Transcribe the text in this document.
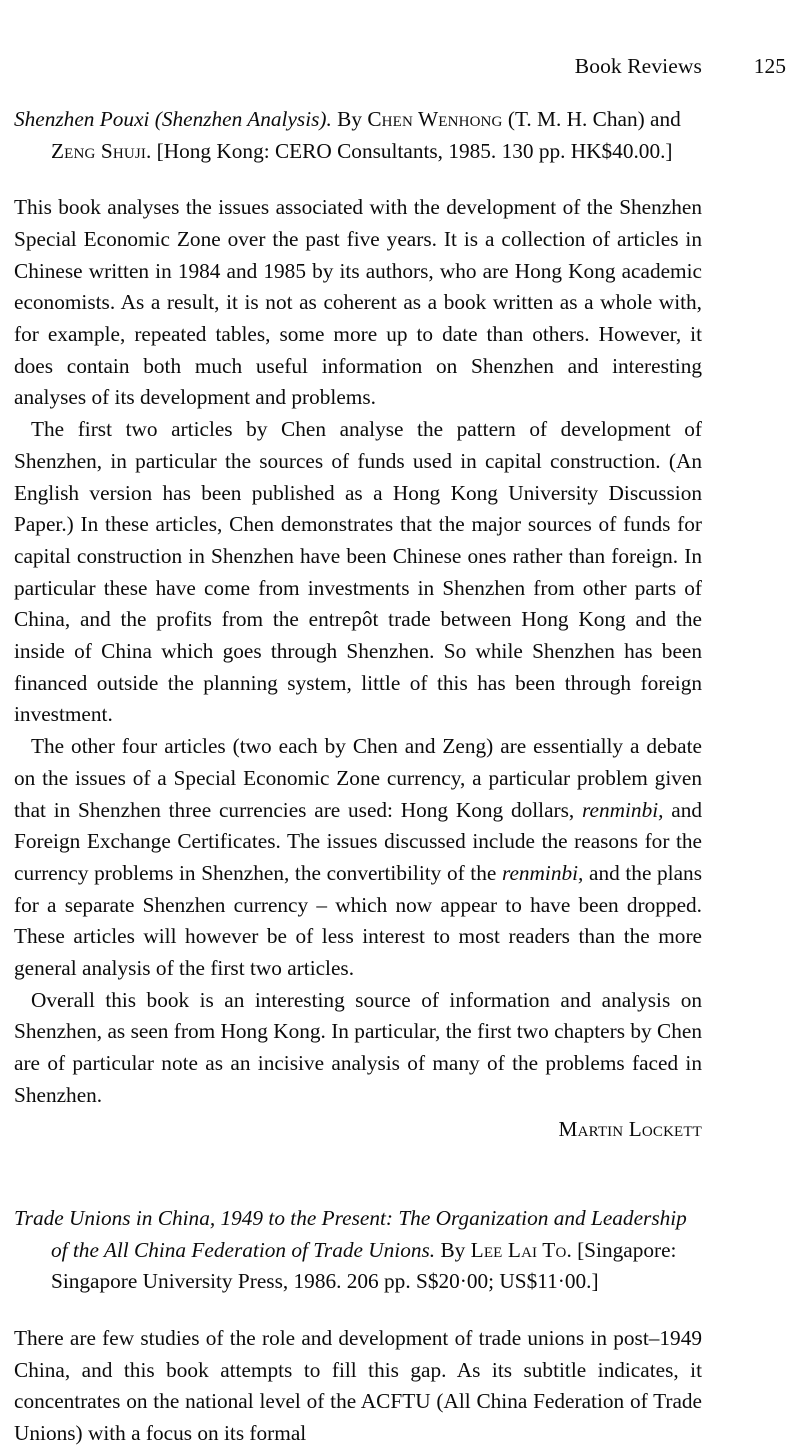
Book Reviews	125

Shenzhen Pouxi (Shenzhen Analysis). By Chen Wenhong (T. M. H. Chan) and Zeng Shuji. [Hong Kong: CERO Consultants, 1985. 130 pp. HK$40.00.]

This book analyses the issues associated with the development of the Shenzhen Special Economic Zone over the past five years. It is a collection of articles in Chinese written in 1984 and 1985 by its authors, who are Hong Kong academic economists. As a result, it is not as coherent as a book written as a whole with, for example, repeated tables, some more up to date than others. However, it does contain both much useful information on Shenzhen and interesting analyses of its development and problems.

The first two articles by Chen analyse the pattern of development of Shenzhen, in particular the sources of funds used in capital construction. (An English version has been published as a Hong Kong University Discussion Paper.) In these articles, Chen demonstrates that the major sources of funds for capital construction in Shenzhen have been Chinese ones rather than foreign. In particular these have come from investments in Shenzhen from other parts of China, and the profits from the entrepôt trade between Hong Kong and the inside of China which goes through Shenzhen. So while Shenzhen has been financed outside the planning system, little of this has been through foreign investment.

The other four articles (two each by Chen and Zeng) are essentially a debate on the issues of a Special Economic Zone currency, a particular problem given that in Shenzhen three currencies are used: Hong Kong dollars, renminbi, and Foreign Exchange Certificates. The issues discussed include the reasons for the currency problems in Shenzhen, the convertibility of the renminbi, and the plans for a separate Shenzhen currency – which now appear to have been dropped. These articles will however be of less interest to most readers than the more general analysis of the first two articles.

Overall this book is an interesting source of information and analysis on Shenzhen, as seen from Hong Kong. In particular, the first two chapters by Chen are of particular note as an incisive analysis of many of the problems faced in Shenzhen.

Martin Lockett

Trade Unions in China, 1949 to the Present: The Organization and Leadership of the All China Federation of Trade Unions. By Lee Lai To. [Singapore: Singapore University Press, 1986. 206 pp. S$20·00; US$11·00.]

There are few studies of the role and development of trade unions in post–1949 China, and this book attempts to fill this gap. As its subtitle indicates, it concentrates on the national level of the ACFTU (All China Federation of Trade Unions) with a focus on its formal
